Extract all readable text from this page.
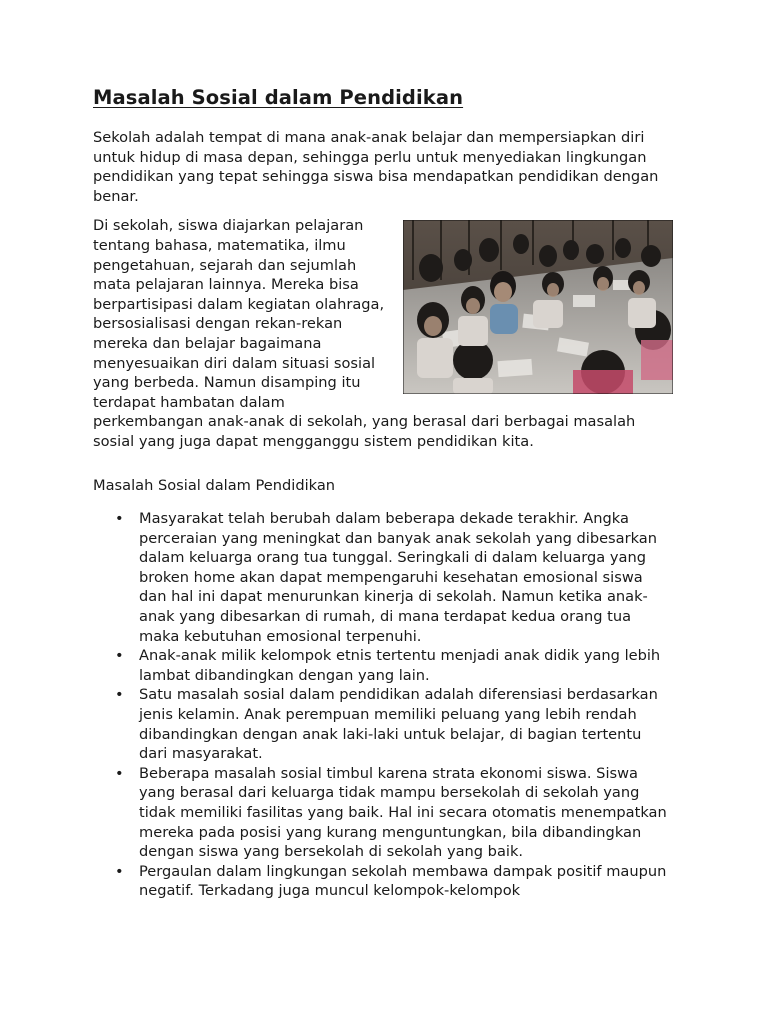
Masalah Sosial dalam Pendidikan

Sekolah adalah tempat di mana anak-anak belajar dan mempersiapkan diri untuk hidup di masa depan, sehingga perlu untuk menyediakan lingkungan pendidikan yang tepat sehingga siswa bisa mendapatkan pendidikan dengan benar.

Di sekolah, siswa diajarkan pelajaran tentang bahasa, matematika, ilmu pengetahuan, sejarah dan sejumlah mata pelajaran lainnya. Mereka bisa berpartisipasi dalam kegiatan olahraga, bersosialisasi dengan rekan-rekan mereka dan belajar bagaimana menyesuaikan diri dalam situasi sosial yang berbeda. Namun disamping itu terdapat hambatan dalam perkembangan anak-anak di sekolah, yang berasal dari berbagai masalah sosial yang juga dapat mengganggu sistem pendidikan kita.

Masalah Sosial dalam Pendidikan

• Masyarakat telah berubah dalam beberapa dekade terakhir. Angka perceraian yang meningkat dan banyak anak sekolah yang dibesarkan dalam keluarga orang tua tunggal. Seringkali di dalam keluarga yang broken home akan dapat mempengaruhi kesehatan emosional siswa dan hal ini dapat menurunkan kinerja di sekolah. Namun ketika anak-anak yang dibesarkan di rumah, di mana terdapat kedua orang tua maka kebutuhan emosional terpenuhi.
• Anak-anak milik kelompok etnis tertentu menjadi anak didik yang lebih lambat dibandingkan dengan yang lain.
• Satu masalah sosial dalam pendidikan adalah diferensiasi berdasarkan jenis kelamin. Anak perempuan memiliki peluang yang lebih rendah dibandingkan dengan anak laki-laki untuk belajar, di bagian tertentu dari masyarakat.
• Beberapa masalah sosial timbul karena strata ekonomi siswa. Siswa yang berasal dari keluarga tidak mampu bersekolah di sekolah yang tidak memiliki fasilitas yang baik. Hal ini secara otomatis menempatkan mereka pada posisi yang kurang menguntungkan, bila dibandingkan dengan siswa yang bersekolah di sekolah yang baik.
• Pergaulan dalam lingkungan sekolah membawa dampak positif maupun negatif. Terkadang juga muncul kelompok-kelompok
